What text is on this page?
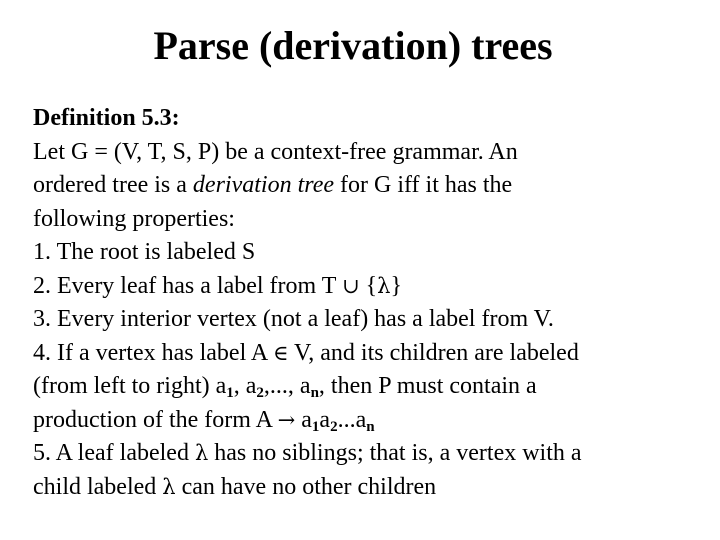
Parse (derivation) trees
Definition 5.3:
Let G = (V, T, S, P) be a context-free grammar. An
ordered tree is a derivation tree for G iff it has the
following properties:
1. The root is labeled S
2. Every leaf has a label from T ∪ {λ}
3. Every interior vertex (not a leaf) has a label from V.
4. If a vertex has label A ∈ V, and its children are labeled
(from left to right) $a_1$, $a_2$,..., $a_n$, then P must contain a
production of the form $A \to a_1a_2...a_n$
5. A leaf labeled λ has no siblings; that is, a vertex with a
child labeled λ can have no other children
